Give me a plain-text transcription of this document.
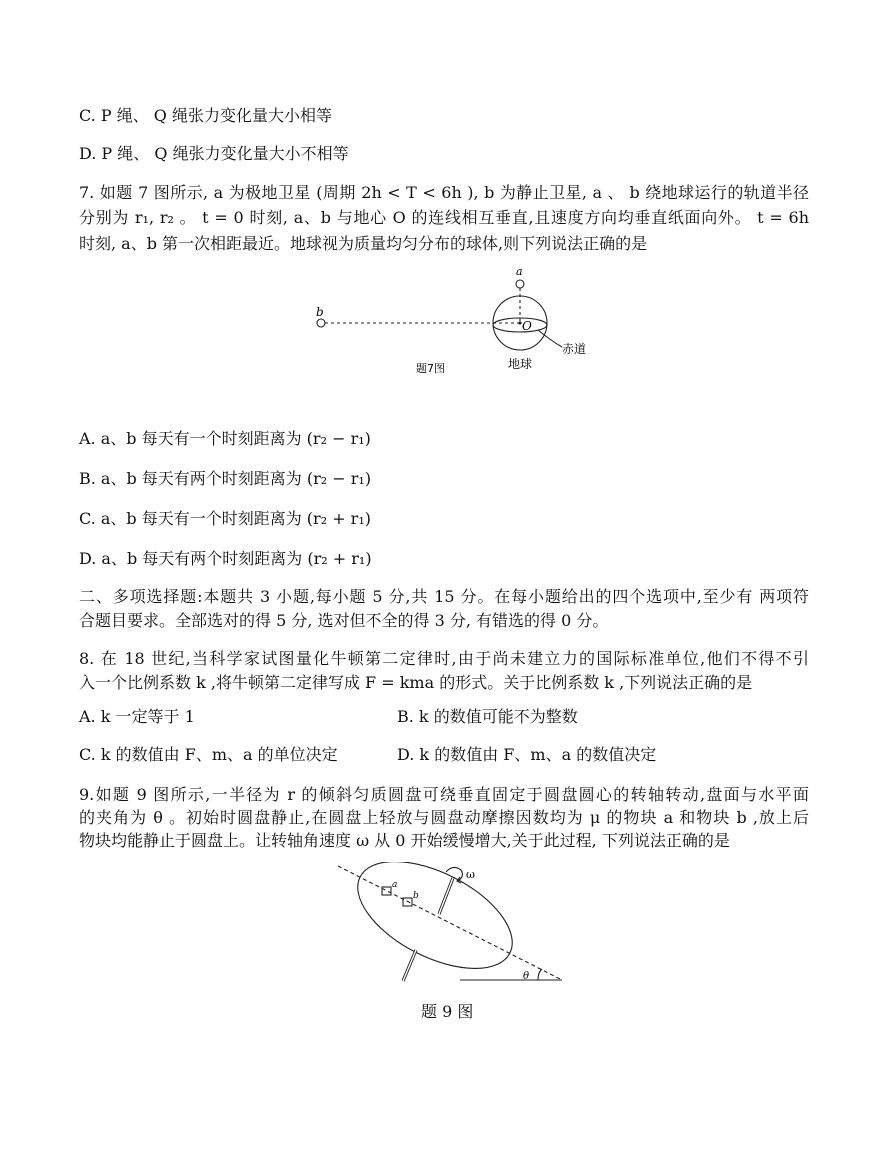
C. P 绳、 Q 绳张力变化量大小相等
D. P 绳、 Q 绳张力变化量大小不相等
7. 如题 7 图所示, a 为极地卫星 (周期 2h < T < 6h ), b 为静止卫星, a 、 b 绕地球运行的轨道半径
分别为 r₁, r₂ 。 t = 0 时刻, a、b 与地心 O 的连线相互垂直,且速度方向均垂直纸面向外。 t = 6h
时刻, a、b 第一次相距最近。地球视为质量均匀分布的球体,则下列说法正确的是
a
b
O
赤道
地球
题7图
A. a、b 每天有一个时刻距离为 (r₂ − r₁)
B. a、b 每天有两个时刻距离为 (r₂ − r₁)
C. a、b 每天有一个时刻距离为 (r₂ + r₁)
D. a、b 每天有两个时刻距离为 (r₂ + r₁)
二、多项选择题:本题共 3 小题,每小题 5 分,共 15 分。在每小题给出的四个选项中,至少有 两项符
合题目要求。全部选对的得 5 分, 选对但不全的得 3 分, 有错选的得 0 分。
8. 在 18 世纪,当科学家试图量化牛顿第二定律时,由于尚未建立力的国际标准单位,他们不得不引
入一个比例系数 k ,将牛顿第二定律写成 F = kma 的形式。关于比例系数 k ,下列说法正确的是
A. k 一定等于 1	B. k 的数值可能不为整数
C. k 的数值由 F、m、a 的单位决定	D. k 的数值由 F、m、a 的数值决定
9.如题 9 图所示,一半径为 r 的倾斜匀质圆盘可绕垂直固定于圆盘圆心的转轴转动,盘面与水平面
的夹角为 θ 。初始时圆盘静止,在圆盘上轻放与圆盘动摩擦因数均为 μ 的物块 a 和物块 b ,放上后
物块均能静止于圆盘上。让转轴角速度 ω 从 0 开始缓慢增大,关于此过程, 下列说法正确的是
a
b
ω
θ
题 9 图
